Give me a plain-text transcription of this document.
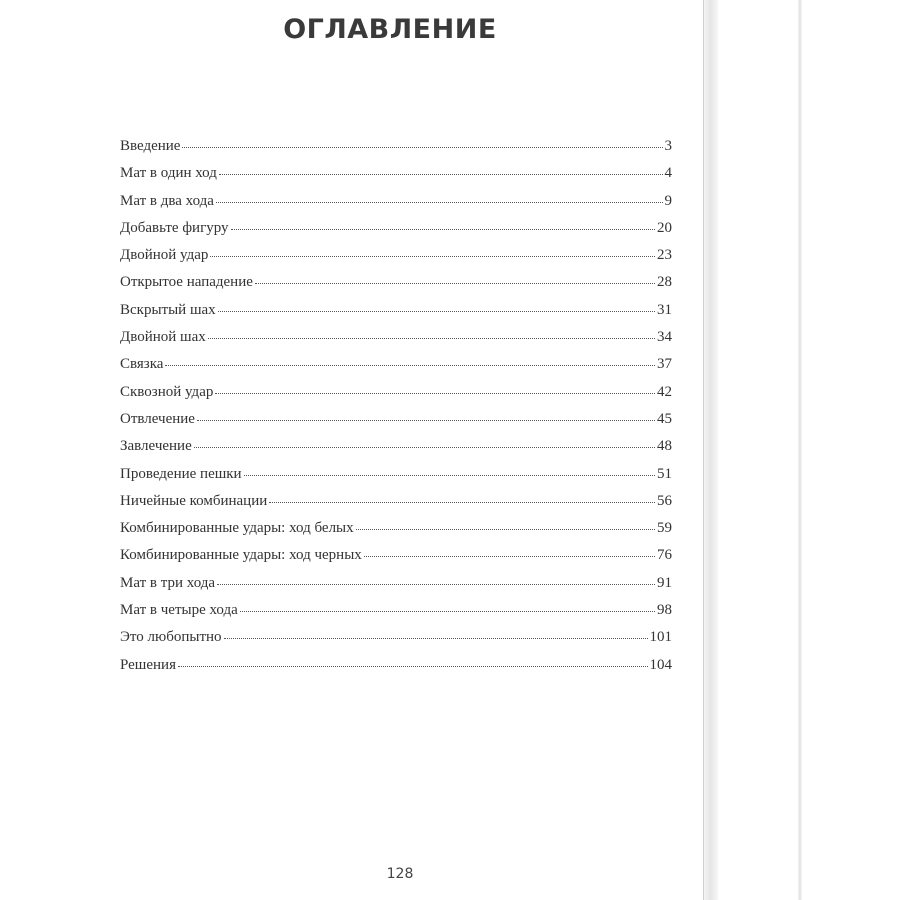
ОГЛАВЛЕНИЕ
Введение	3
Мат в один ход	4
Мат в два хода	9
Добавьте фигуру	20
Двойной удар	23
Открытое нападение	28
Вскрытый шах	31
Двойной шах	34
Связка	37
Сквозной удар	42
Отвлечение	45
Завлечение	48
Проведение пешки	51
Ничейные комбинации	56
Комбинированные удары: ход белых	59
Комбинированные удары: ход черных	76
Мат в три хода	91
Мат в четыре хода	98
Это любопытно	101
Решения	104
128
